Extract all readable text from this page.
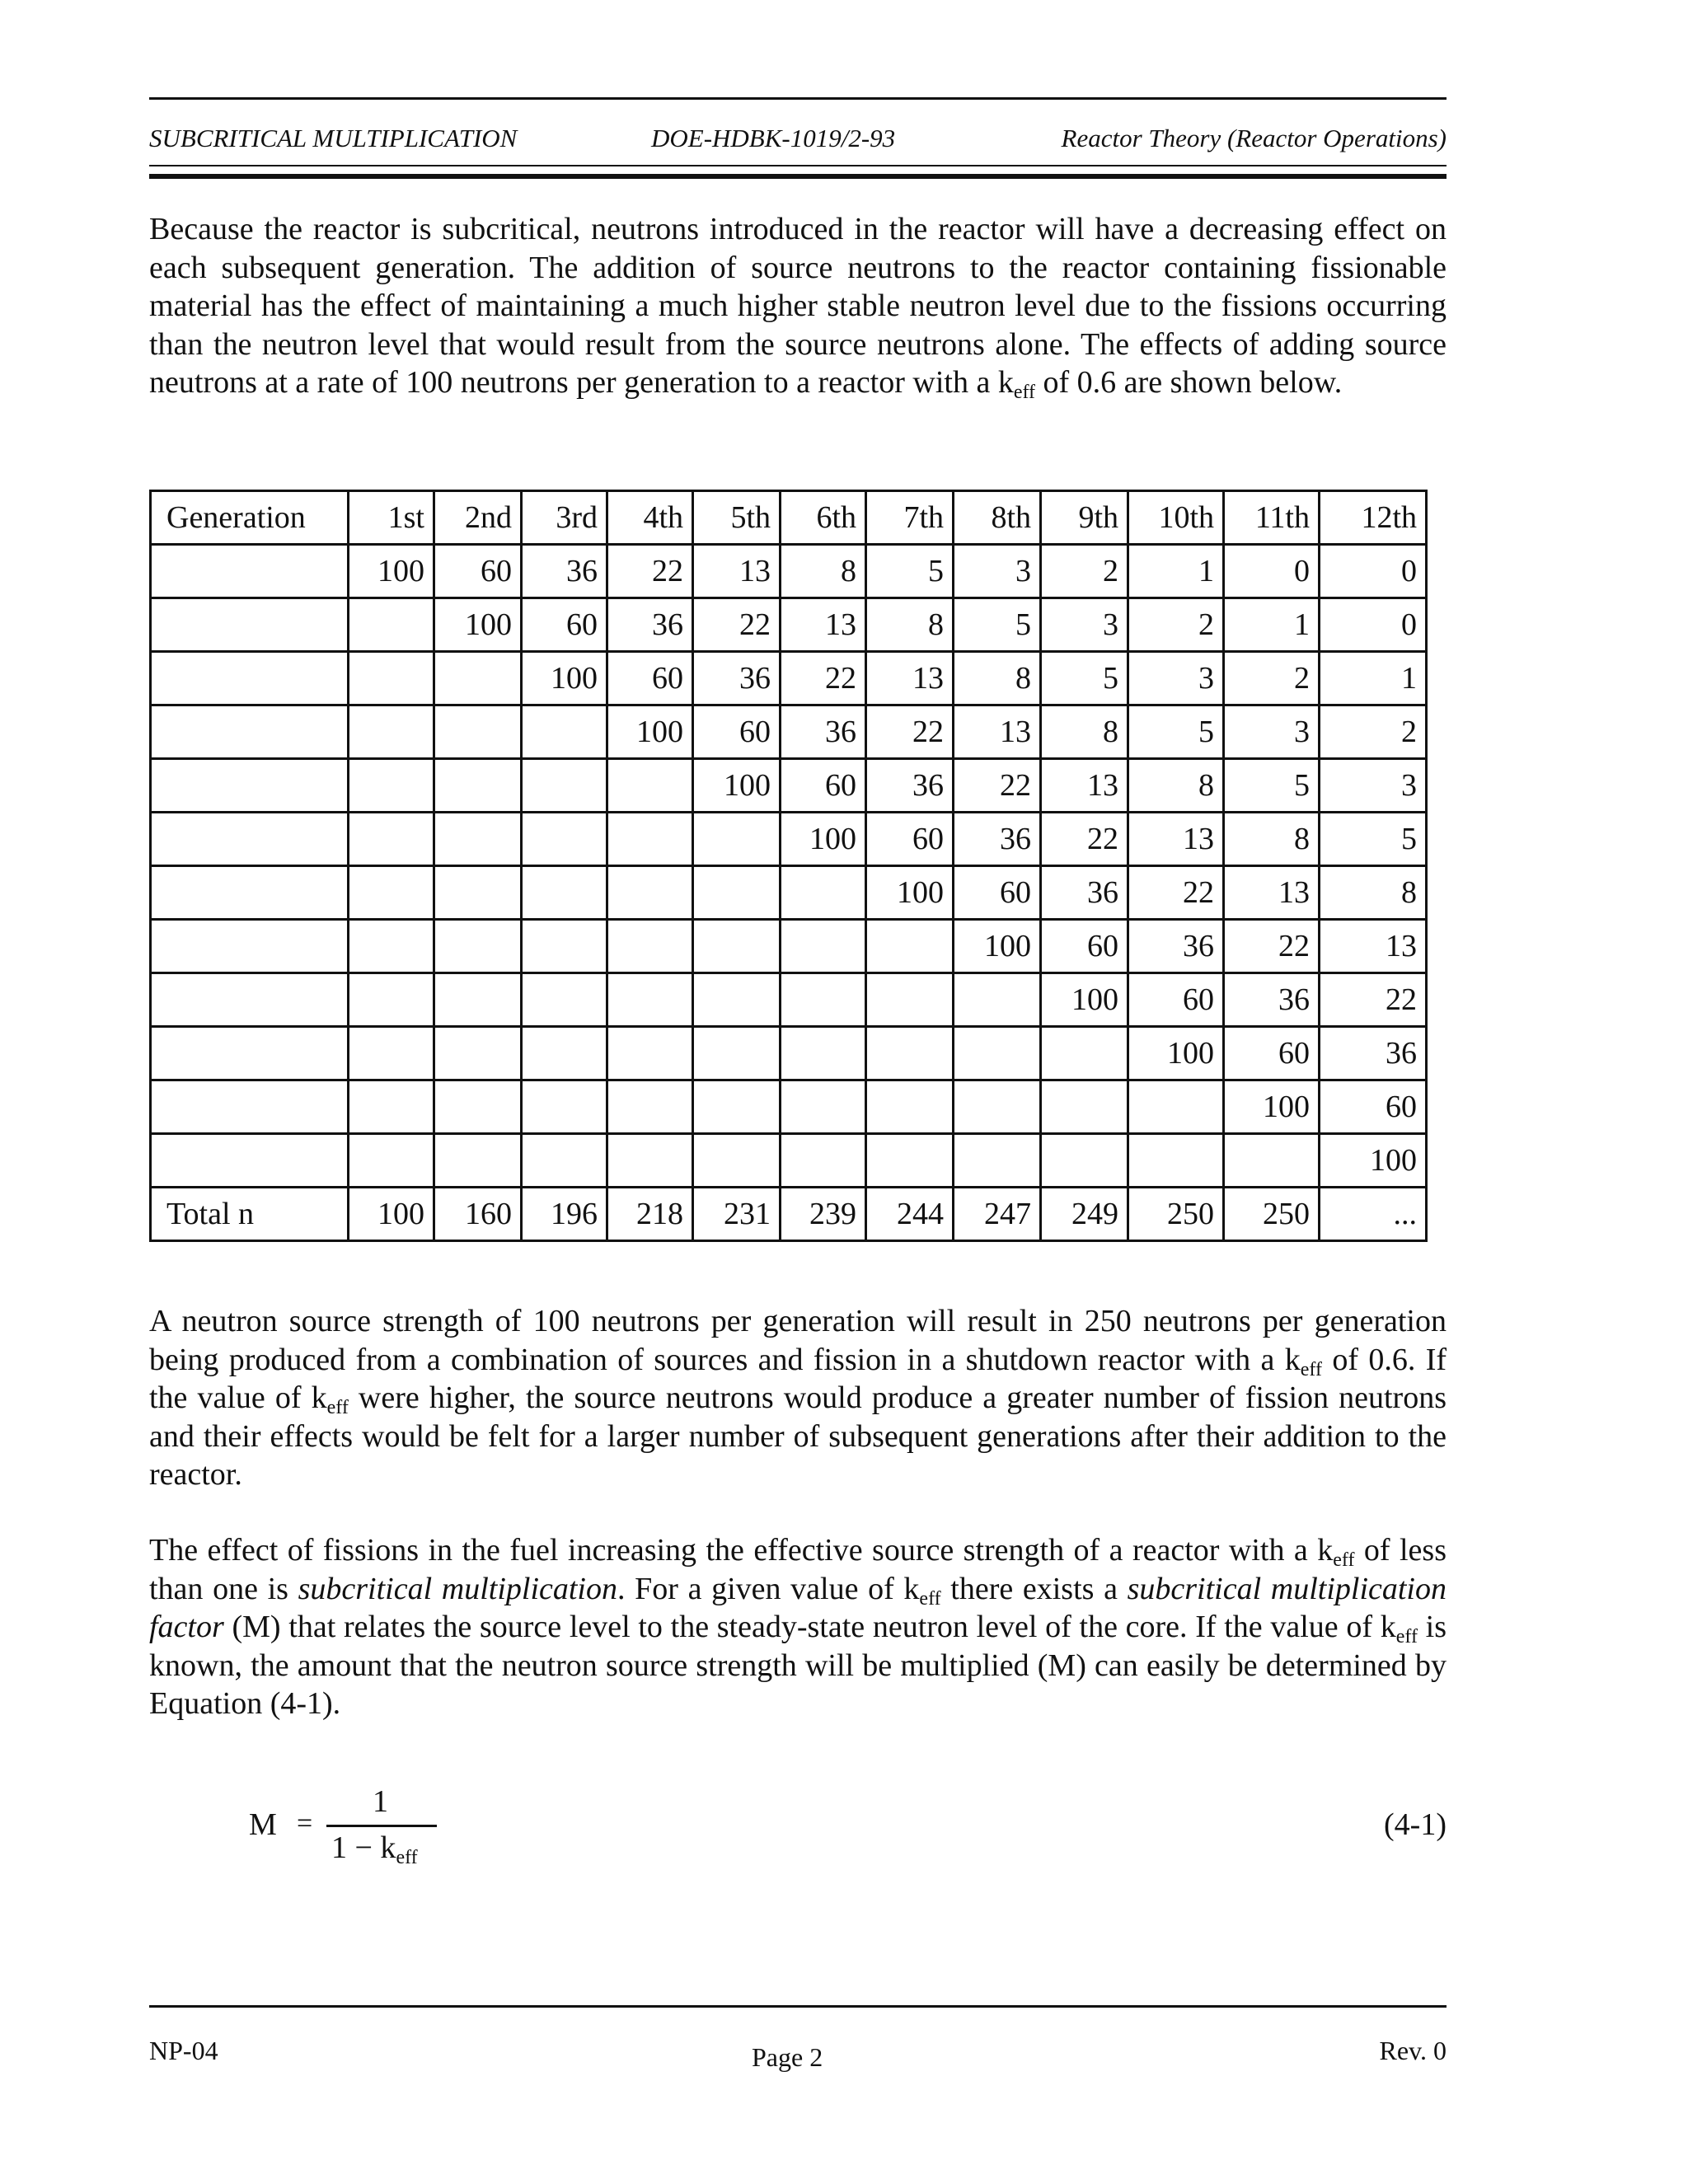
SUBCRITICAL MULTIPLICATION	DOE-HDBK-1019/2-93	Reactor Theory (Reactor Operations)
Because the reactor is subcritical, neutrons introduced in the reactor will have a decreasing effect on each subsequent generation. The addition of source neutrons to the reactor containing fissionable material has the effect of maintaining a much higher stable neutron level due to the fissions occurring than the neutron level that would result from the source neutrons alone. The effects of adding source neutrons at a rate of 100 neutrons per generation to a reactor with a $k_{eff}$ of 0.6 are shown below.
Generation	1st	2nd	3rd	4th	5th	6th	7th	8th	9th	10th	11th	12th
	100	60	36	22	13	8	5	3	2	1	0	0
		100	60	36	22	13	8	5	3	2	1	0
			100	60	36	22	13	8	5	3	2	1
				100	60	36	22	13	8	5	3	2
					100	60	36	22	13	8	5	3
						100	60	36	22	13	8	5
							100	60	36	22	13	8
								100	60	36	22	13
									100	60	36	22
										100	60	36
											100	60
												100
Total n	100	160	196	218	231	239	244	247	249	250	250	...
A neutron source strength of 100 neutrons per generation will result in 250 neutrons per generation being produced from a combination of sources and fission in a shutdown reactor with a $k_{eff}$ of 0.6. If the value of $k_{eff}$ were higher, the source neutrons would produce a greater number of fission neutrons and their effects would be felt for a larger number of subsequent generations after their addition to the reactor.
The effect of fissions in the fuel increasing the effective source strength of a reactor with a $k_{eff}$ of less than one is subcritical multiplication. For a given value of $k_{eff}$ there exists a subcritical multiplication factor (M) that relates the source level to the steady-state neutron level of the core. If the value of $k_{eff}$ is known, the amount that the neutron source strength will be multiplied (M) can easily be determined by Equation (4-1).
M =
1
$1 - k_{eff}$
(4-1)
NP-04	Page 2	Rev. 0
